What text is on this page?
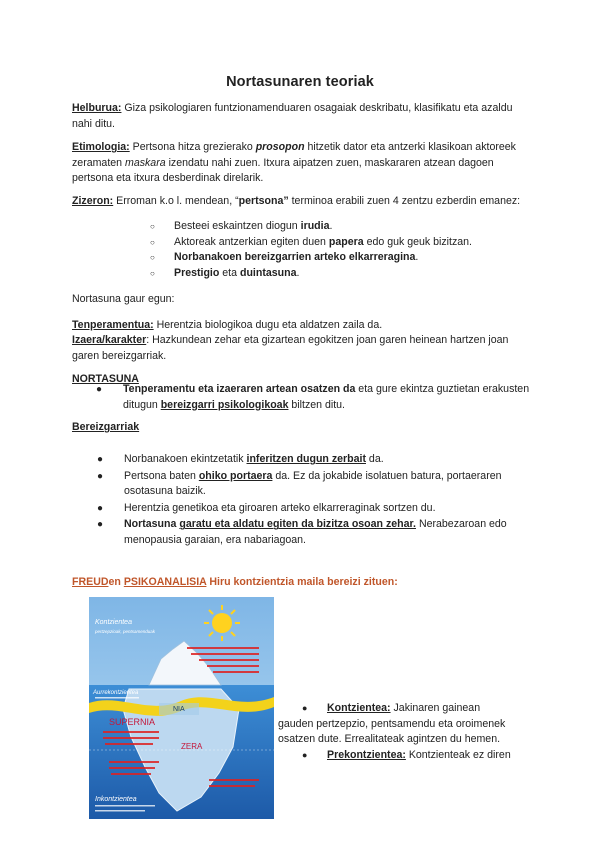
Nortasunaren teoriak
Helburua: Giza psikologiaren funtzionamenduaren osagaiak deskribatu, klasifikatu eta azaldu nahi ditu.
Etimologia: Pertsona hitza grezierako prosopon hitzetik dator eta antzerki klasikoan aktoreek zeramaten maskara izendatu nahi zuen. Itxura aipatzen zuen, maskararen atzean dagoen pertsona eta itxura desberdinak direlarik.
Zizeron: Erroman k.o l. mendean, “pertsona” terminoa erabili zuen 4 zentzu ezberdin emanez:
○ Besteei eskaintzen diogun irudia.
○ Aktoreak antzerkian egiten duen papera edo guk geuk bizitzan.
○ Norbanakoen bereizgarrien arteko elkarreragina.
○ Prestigio eta duintasuna.
Nortasuna gaur egun:
Tenperamentua: Herentzia biologikoa dugu eta aldatzen zaila da.
Izaera/karakter: Hazkundean zehar eta gizartean egokitzen joan garen heinean hartzen joan garen bereizgarriak.
NORTASUNA
● Tenperamentu eta izaeraren artean osatzen da eta gure ekintza guztietan erakusten ditugun bereizgarri psikologikoak biltzen ditu.
Bereizgarriak
● Norbanakoen ekintzetatik inferitzen dugun zerbait da.
● Pertsona baten ohiko portaera da. Ez da jokabide isolatuen batura, portaeraren osotasuna baizik.
● Herentzia genetikoa eta giroaren arteko elkarreraginak sortzen du.
● Nortasuna garatu eta aldatu egiten da bizitza osoan zehar. Nerabezaroan edo menopausia garaian, era nabariagoan.
FREUDen PSIKOANALISIA Hiru kontzientzia maila bereizi zituen:
Kontzientea
pertzepzioak, pentsamenduak
Aurrekontzientea
NIA
SUPERNIA
ZERA
Inkontzientea
● Kontzientea: Jakinaren gainean gauden pertzepzio, pentsamendu eta oroimenek osatzen dute. Errealitateak agintzen du hemen.
● Prekontzientea: Kontzienteak ez diren
